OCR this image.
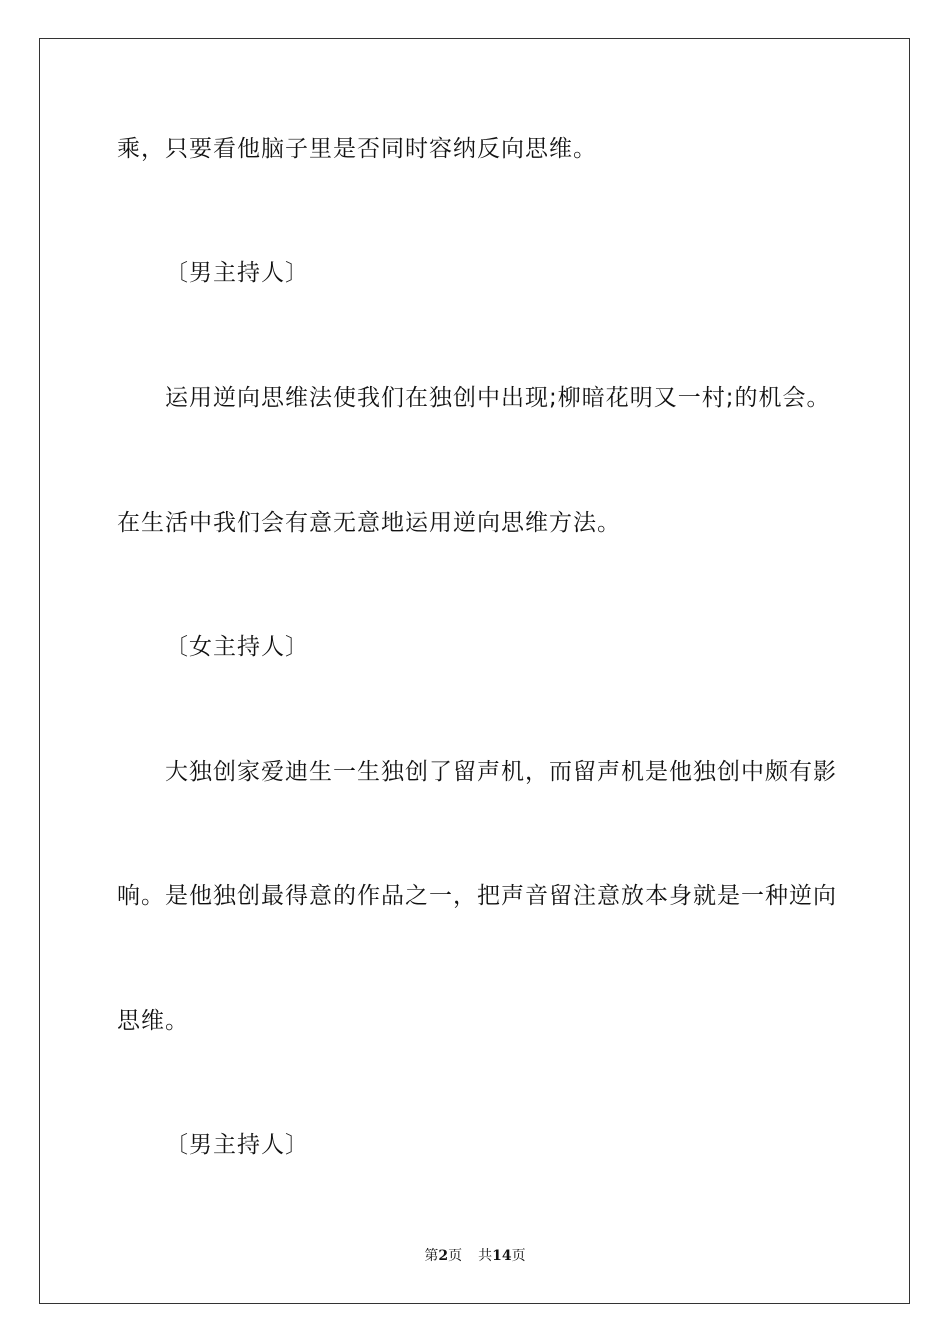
乘，只要看他脑子里是否同时容纳反向思维。
〔男主持人〕
运用逆向思维法使我们在独创中出现;柳暗花明又一村;的机会。
在生活中我们会有意无意地运用逆向思维方法。
〔女主持人〕
大独创家爱迪生一生独创了留声机，而留声机是他独创中颇有影
响。是他独创最得意的作品之一，把声音留注意放本身就是一种逆向
思维。
〔男主持人〕
第2页 共14页
